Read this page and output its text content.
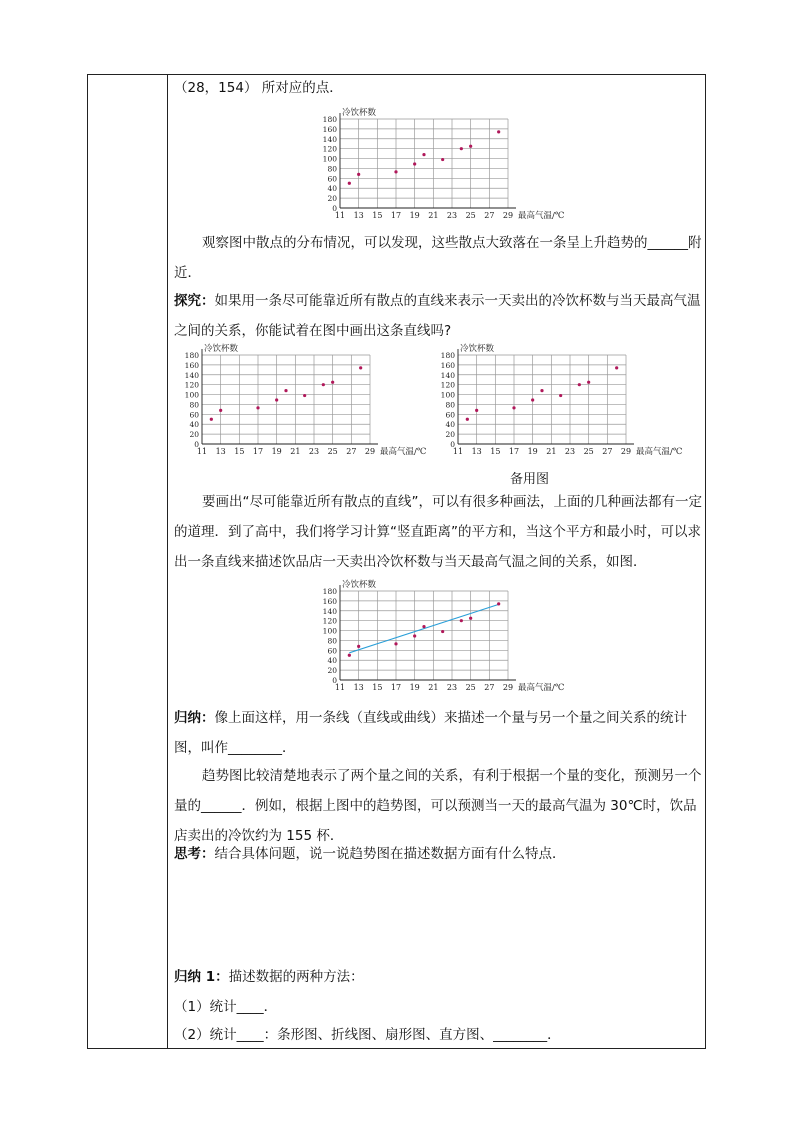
（28，154） 所对应的点．
11 13 15 17 19 21 23 25 27 29
0
20
40
60
80
100
120
140
160
180
冷饮杯数
最高气温/℃
观察图中散点的分布情况，可以发现，这些散点大致落在一条呈上升趋势的______附近．
探究：如果用一条尽可能靠近所有散点的直线来表示一天卖出的冷饮杯数与当天最高气温之间的关系，你能试着在图中画出这条直线吗?
11 13 15 17 19 21 23 25 27 29
0
20
40
60
80
100
120
140
160
180
冷饮杯数
最高气温/℃	11 13 15 17 19 21 23 25 27 29
0
20
40
60
80
100
120
140
160
180
冷饮杯数
最高气温/℃
备用图
要画出“尽可能靠近所有散点的直线”，可以有很多种画法，上面的几种画法都有一定的道理．到了高中，我们将学习计算“竖直距离”的平方和，当这个平方和最小时，可以求出一条直线来描述饮品店一天卖出冷饮杯数与当天最高气温之间的关系，如图．
11 13 15 17 19 21 23 25 27 29
0
20
40
60
80
100
120
140
160
180
冷饮杯数
最高气温/℃
归纳：像上面这样，用一条线（直线或曲线）来描述一个量与另一个量之间关系的统计图，叫作________．
趋势图比较清楚地表示了两个量之间的关系，有利于根据一个量的变化，预测另一个量的______．例如，根据上图中的趋势图，可以预测当一天的最高气温为 30℃时，饮品店卖出的冷饮约为 155 杯．
思考：结合具体问题，说一说趋势图在描述数据方面有什么特点．
归纳 1：描述数据的两种方法：
（1）统计____．
（2）统计____：条形图、折线图、扇形图、直方图、________．
